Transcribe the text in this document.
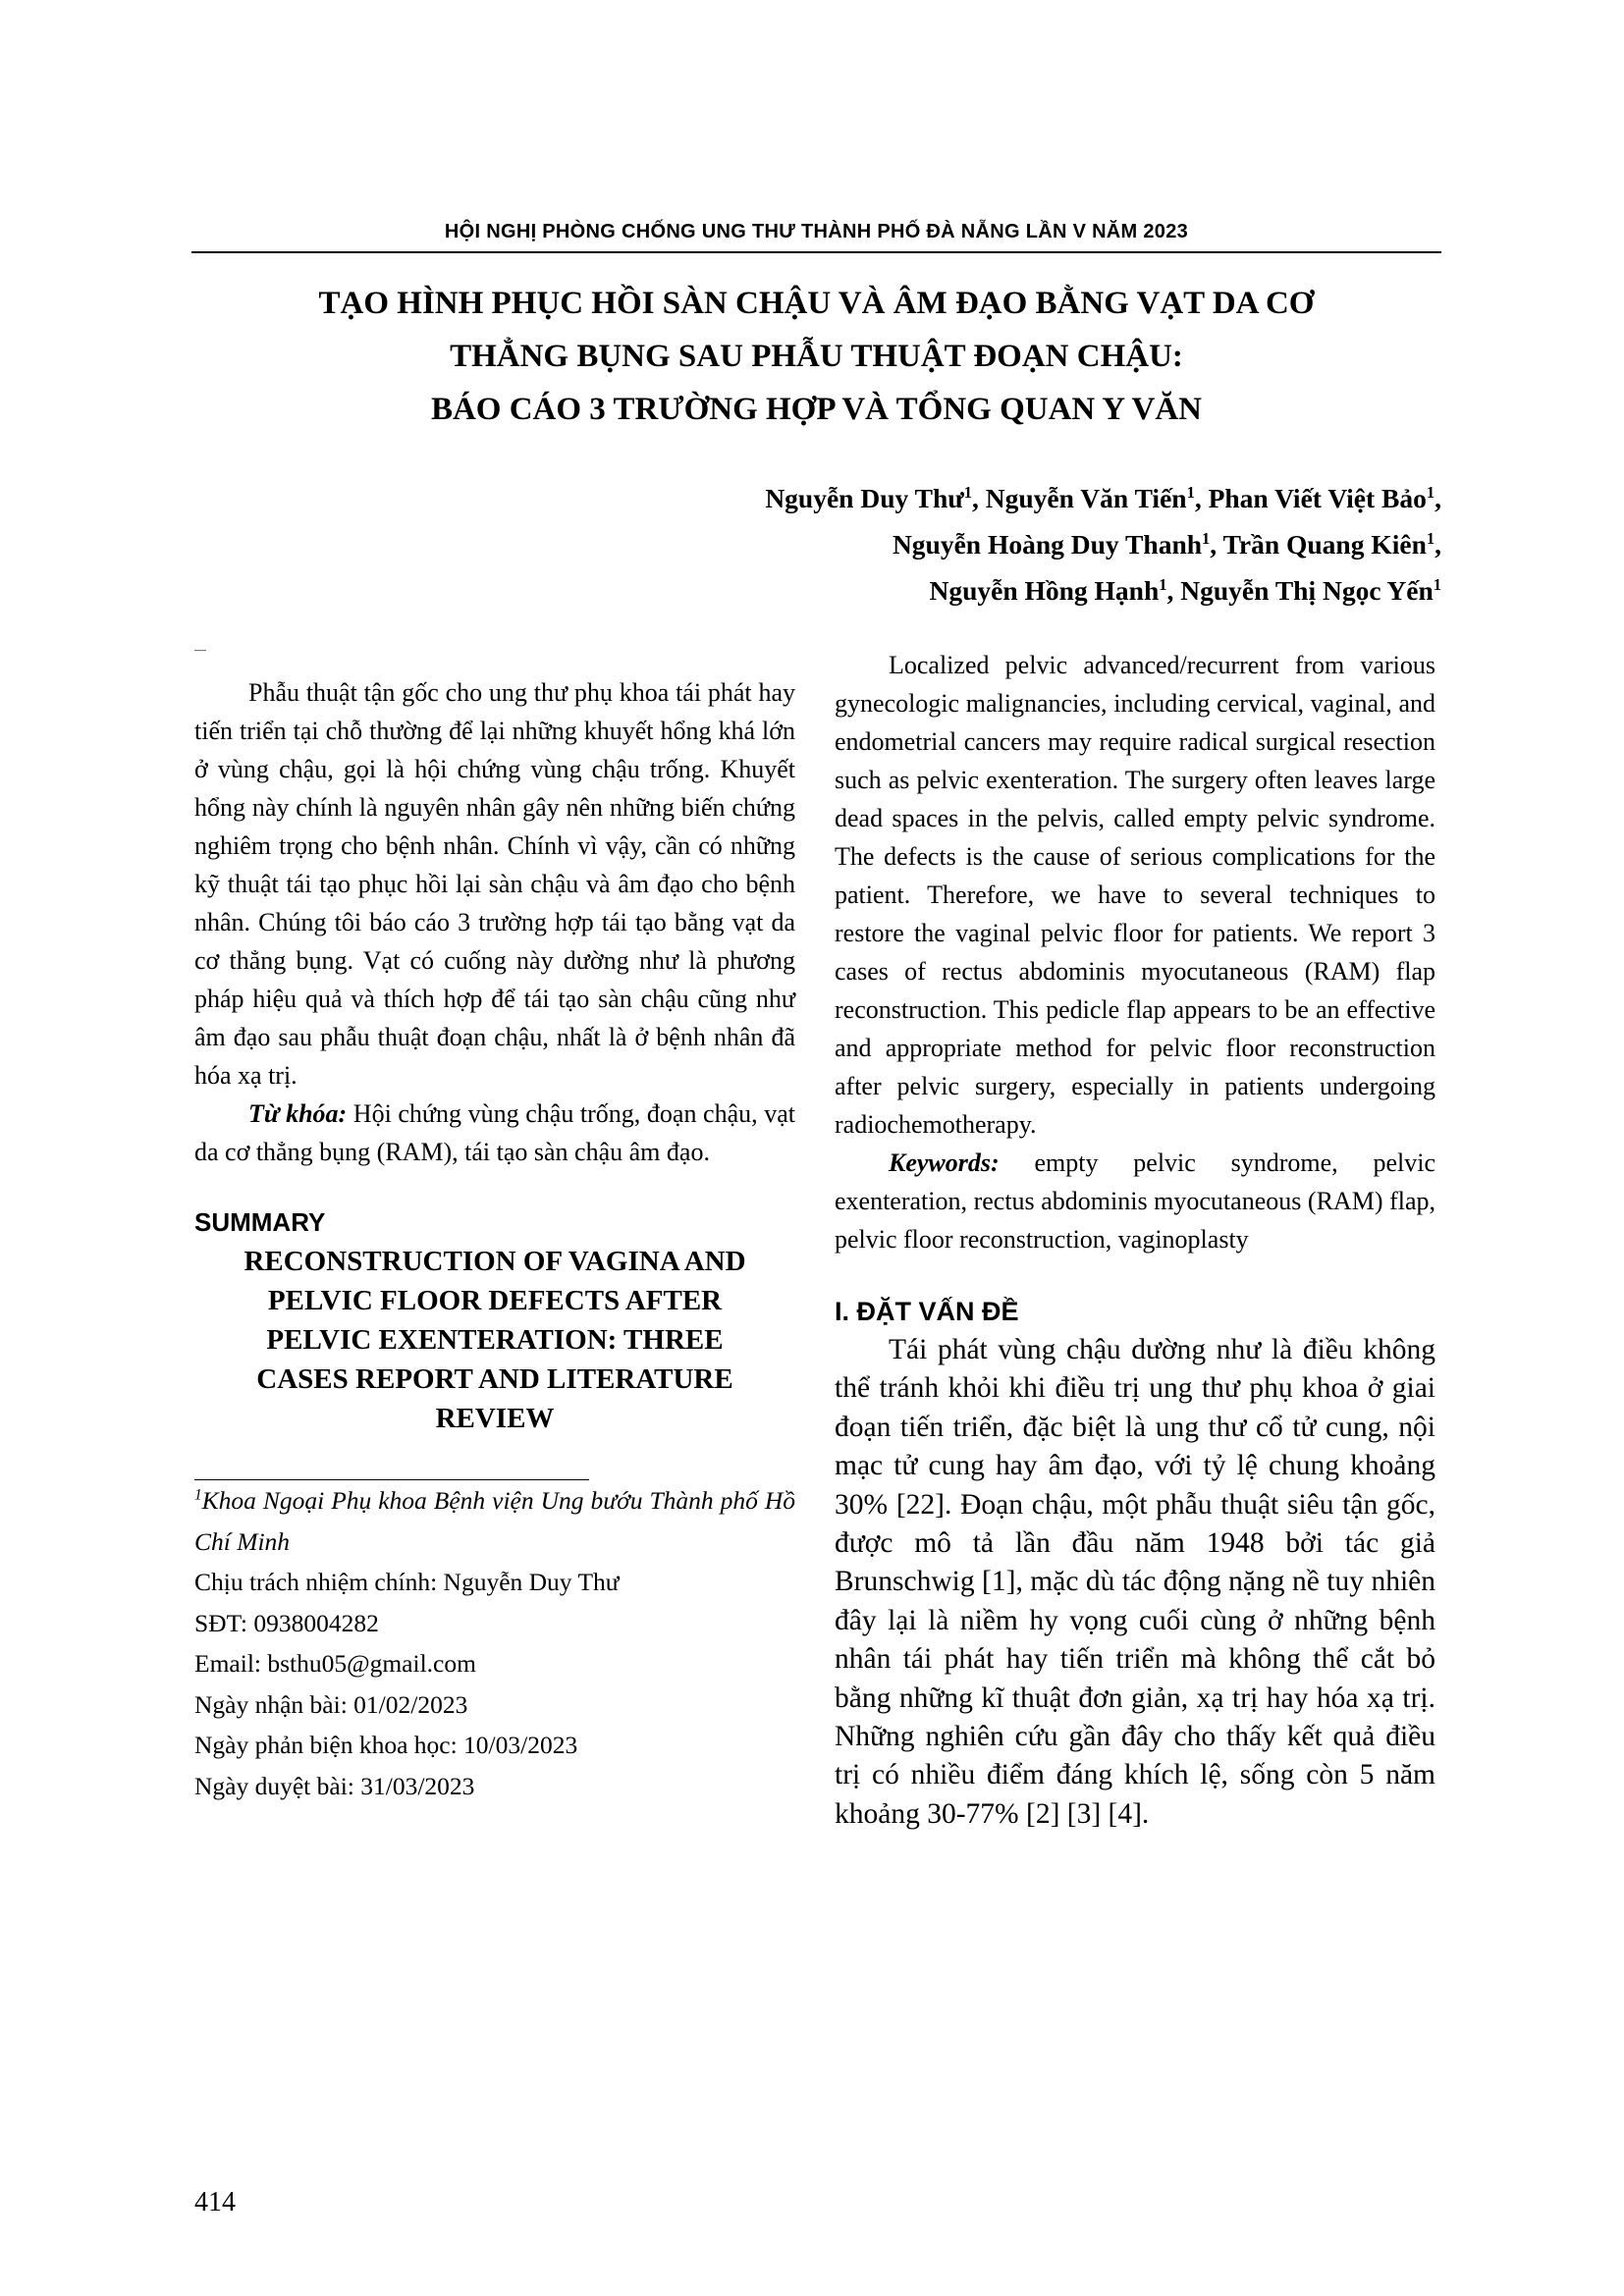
HỘI NGHỊ PHÒNG CHỐNG UNG THƯ THÀNH PHỐ ĐÀ NẴNG LẦN V NĂM 2023
TẠO HÌNH PHỤC HỒI SÀN CHẬU VÀ ÂM ĐẠO BẰNG VẠT DA CƠ
THẲNG BỤNG SAU PHẪU THUẬT ĐOẠN CHẬU:
BÁO CÁO 3 TRƯỜNG HỢP VÀ TỔNG QUAN Y VĂN
Nguyễn Duy Thư$^1$, Nguyễn Văn Tiến$^1$, Phan Viết Việt Bảo$^1$,
Nguyễn Hoàng Duy Thanh$^1$, Trần Quang Kiên$^1$,
Nguyễn Hồng Hạnh$^1$, Nguyễn Thị Ngọc Yến$^1$

Phẫu thuật tận gốc cho ung thư phụ khoa tái phát hay tiến triển tại chỗ thường để lại những khuyết hổng khá lớn ở vùng chậu, gọi là hội chứng vùng chậu trống. Khuyết hổng này chính là nguyên nhân gây nên những biến chứng nghiêm trọng cho bệnh nhân. Chính vì vậy, cần có những kỹ thuật tái tạo phục hồi lại sàn chậu và âm đạo cho bệnh nhân. Chúng tôi báo cáo 3 trường hợp tái tạo bằng vạt da cơ thẳng bụng. Vạt có cuống này dường như là phương pháp hiệu quả và thích hợp để tái tạo sàn chậu cũng như âm đạo sau phẫu thuật đoạn chậu, nhất là ở bệnh nhân đã hóa xạ trị.

Từ khóa: Hội chứng vùng chậu trống, đoạn chậu, vạt da cơ thẳng bụng (RAM), tái tạo sàn chậu âm đạo.

SUMMARY
RECONSTRUCTION OF VAGINA AND
PELVIC FLOOR DEFECTS AFTER
PELVIC EXENTERATION: THREE
CASES REPORT AND LITERATURE
REVIEW

$^1$Khoa Ngoại Phụ khoa Bệnh viện Ung bướu Thành phố Hồ Chí Minh

Chịu trách nhiệm chính: Nguyễn Duy Thư

SĐT: 0938004282

Email: bsthu05@gmail.com

Ngày nhận bài: 01/02/2023

Ngày phản biện khoa học: 10/03/2023

Ngày duyệt bài: 31/03/2023

Localized pelvic advanced/recurrent from various gynecologic malignancies, including cervical, vaginal, and endometrial cancers may require radical surgical resection such as pelvic exenteration. The surgery often leaves large dead spaces in the pelvis, called empty pelvic syndrome. The defects is the cause of serious complications for the patient. Therefore, we have to several techniques to restore the vaginal pelvic floor for patients. We report 3 cases of rectus abdominis myocutaneous (RAM) flap reconstruction. This pedicle flap appears to be an effective and appropriate method for pelvic floor reconstruction after pelvic surgery, especially in patients undergoing radiochemotherapy.

Keywords: empty pelvic syndrome, pelvic exenteration, rectus abdominis myocutaneous (RAM) flap, pelvic floor reconstruction, vaginoplasty

I. ĐẶT VẤN ĐỀ

Tái phát vùng chậu dường như là điều không thể tránh khỏi khi điều trị ung thư phụ khoa ở giai đoạn tiến triển, đặc biệt là ung thư cổ tử cung, nội mạc tử cung hay âm đạo, với tỷ lệ chung khoảng 30% [22]. Đoạn chậu, một phẫu thuật siêu tận gốc, được mô tả lần đầu năm 1948 bởi tác giả Brunschwig [1], mặc dù tác động nặng nề tuy nhiên đây lại là niềm hy vọng cuối cùng ở những bệnh nhân tái phát hay tiến triển mà không thể cắt bỏ bằng những kĩ thuật đơn giản, xạ trị hay hóa xạ trị. Những nghiên cứu gần đây cho thấy kết quả điều trị có nhiều điểm đáng khích lệ, sống còn 5 năm khoảng 30-77% [2] [3] [4].

414
